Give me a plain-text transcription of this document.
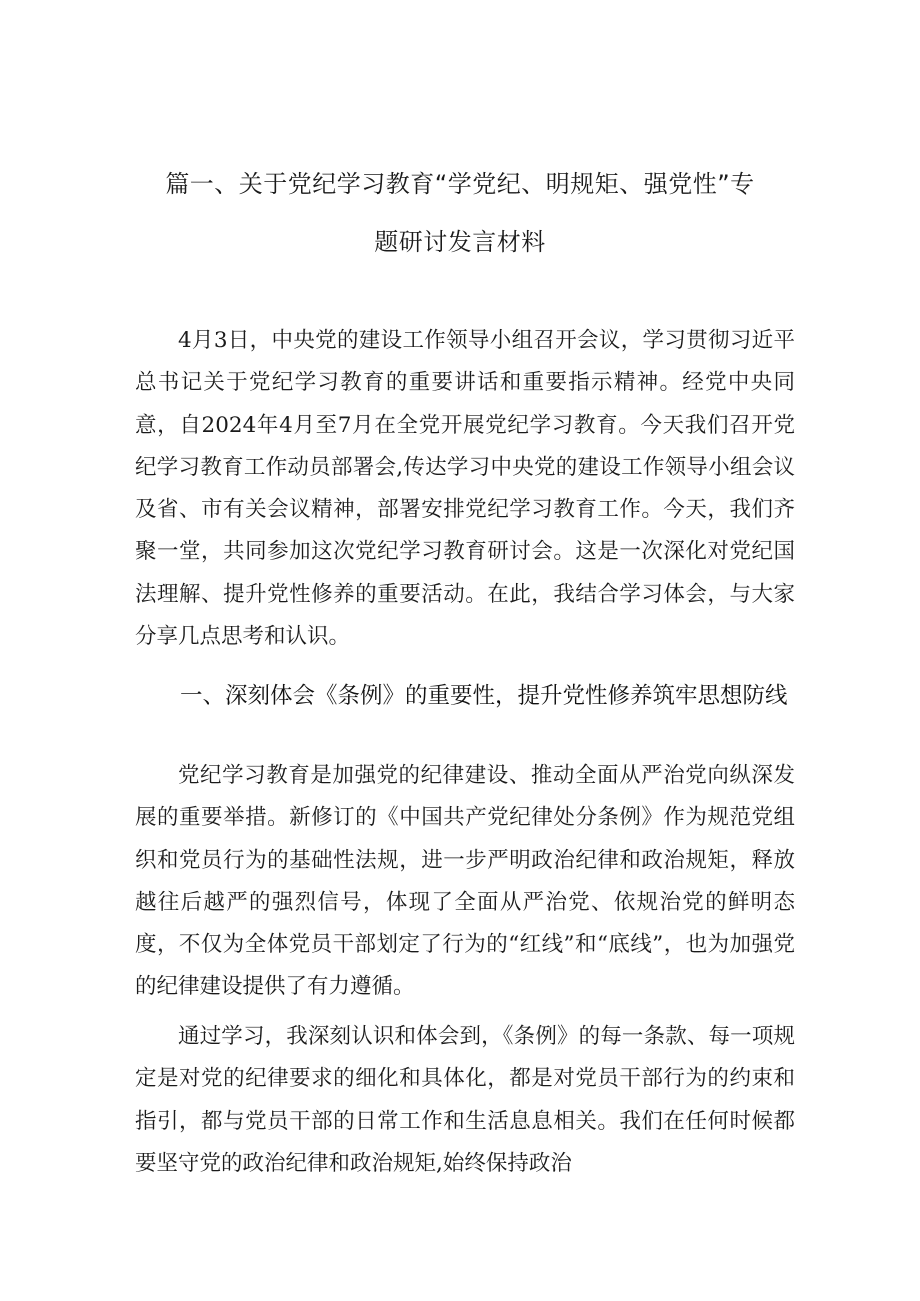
篇一、关于党纪学习教育“学党纪、明规矩、强党性”专
题研讨发言材料

4月3日，中央党的建设工作领导小组召开会议，学习贯彻习近平总书记关于党纪学习教育的重要讲话和重要指示精神。经党中央同意，自2024年4月至7月在全党开展党纪学习教育。今天我们召开党纪学习教育工作动员部署会,传达学习中央党的建设工作领导小组会议及省、市有关会议精神，部署安排党纪学习教育工作。今天，我们齐聚一堂，共同参加这次党纪学习教育研讨会。这是一次深化对党纪国法理解、提升党性修养的重要活动。在此，我结合学习体会，与大家分享几点思考和认识。

一、深刻体会《条例》的重要性，提升党性修养筑牢思想防线

党纪学习教育是加强党的纪律建设、推动全面从严治党向纵深发展的重要举措。新修订的《中国共产党纪律处分条例》作为规范党组织和党员行为的基础性法规，进一步严明政治纪律和政治规矩，释放越往后越严的强烈信号，体现了全面从严治党、依规治党的鲜明态度，不仅为全体党员干部划定了行为的“红线”和“底线”，也为加强党的纪律建设提供了有力遵循。

通过学习，我深刻认识和体会到，《条例》的每一条款、每一项规定是对党的纪律要求的细化和具体化，都是对党员干部行为的约束和指引，都与党员干部的日常工作和生活息息相关。我们在任何时候都要坚守党的政治纪律和政治规矩,始终保持政治
